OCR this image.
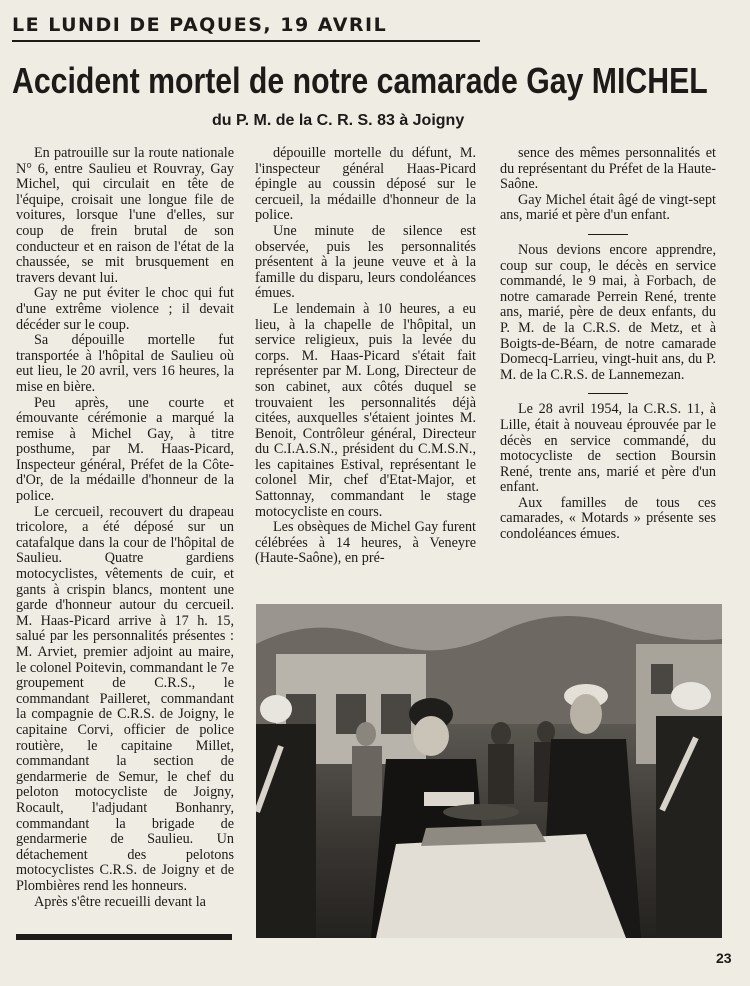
LE LUNDI DE PAQUES, 19 AVRIL
Accident mortel de notre camarade Gay MICHEL
du P. M. de la C. R. S. 83 à Joigny

En patrouille sur la route nationale N° 6, entre Saulieu et Rouvray, Gay Michel, qui circulait en tête de l'équipe, croisait une longue file de voitures, lorsque l'une d'elles, sur coup de frein brutal de son conducteur et en raison de l'état de la chaussée, se mit brusquement en travers devant lui.

Gay ne put éviter le choc qui fut d'une extrême violence ; il devait décéder sur le coup.

Sa dépouille mortelle fut transportée à l'hôpital de Saulieu où eut lieu, le 20 avril, vers 16 heures, la mise en bière.

Peu après, une courte et émouvante cérémonie a marqué la remise à Michel Gay, à titre posthume, par M. Haas-Picard, Inspecteur général, Préfet de la Côte-d'Or, de la médaille d'honneur de la police.

Le cercueil, recouvert du drapeau tricolore, a été déposé sur un catafalque dans la cour de l'hôpital de Saulieu. Quatre gardiens motocyclistes, vêtements de cuir, et gants à crispin blancs, montent une garde d'honneur autour du cercueil. M. Haas-Picard arrive à 17 h. 15, salué par les personnalités présentes : M. Arviet, premier adjoint au maire, le colonel Poitevin, commandant le 7e groupement de C.R.S., le commandant Pailleret, commandant la compagnie de C.R.S. de Joigny, le capitaine Corvi, officier de police routière, le capitaine Millet, commandant la section de gendarmerie de Semur, le chef du peloton motocycliste de Joigny, Rocault, l'adjudant Bonhanry, commandant la brigade de gendarmerie de Saulieu. Un détachement des pelotons motocyclistes C.R.S. de Joigny et de Plombières rend les honneurs.

Après s'être recueilli devant la

dépouille mortelle du défunt, M. l'inspecteur général Haas-Picard épingle au coussin déposé sur le cercueil, la médaille d'honneur de la police.

Une minute de silence est observée, puis les personnalités présentent à la jeune veuve et à la famille du disparu, leurs condoléances émues.

Le lendemain à 10 heures, a eu lieu, à la chapelle de l'hôpital, un service religieux, puis la levée du corps. M. Haas-Picard s'était fait représenter par M. Long, Directeur de son cabinet, aux côtés duquel se trouvaient les personnalités déjà citées, auxquelles s'étaient jointes M. Benoit, Contrôleur général, Directeur du C.I.A.S.N., président du C.M.S.N., les capitaines Estival, représentant le colonel Mir, chef d'Etat-Major, et Sattonnay, commandant le stage motocycliste en cours.

Les obsèques de Michel Gay furent célébrées à 14 heures, à Veneyre (Haute-Saône), en pré-

sence des mêmes personnalités et du représentant du Préfet de la Haute-Saône.

Gay Michel était âgé de vingt-sept ans, marié et père d'un enfant.

Nous devions encore apprendre, coup sur coup, le décès en service commandé, le 9 mai, à Forbach, de notre camarade Perrein René, trente ans, marié, père de deux enfants, du P. M. de la C.R.S. de Metz, et à Boigts-de-Béarn, de notre camarade Domecq-Larrieu, vingt-huit ans, du P. M. de la C.R.S. de Lannemezan.

Le 28 avril 1954, la C.R.S. 11, à Lille, était à nouveau éprouvée par le décès en service commandé, du motocycliste de section Boursin René, trente ans, marié et père d'un enfant.

Aux familles de tous ces camarades, « Motards » présente ses condoléances émues.

23
